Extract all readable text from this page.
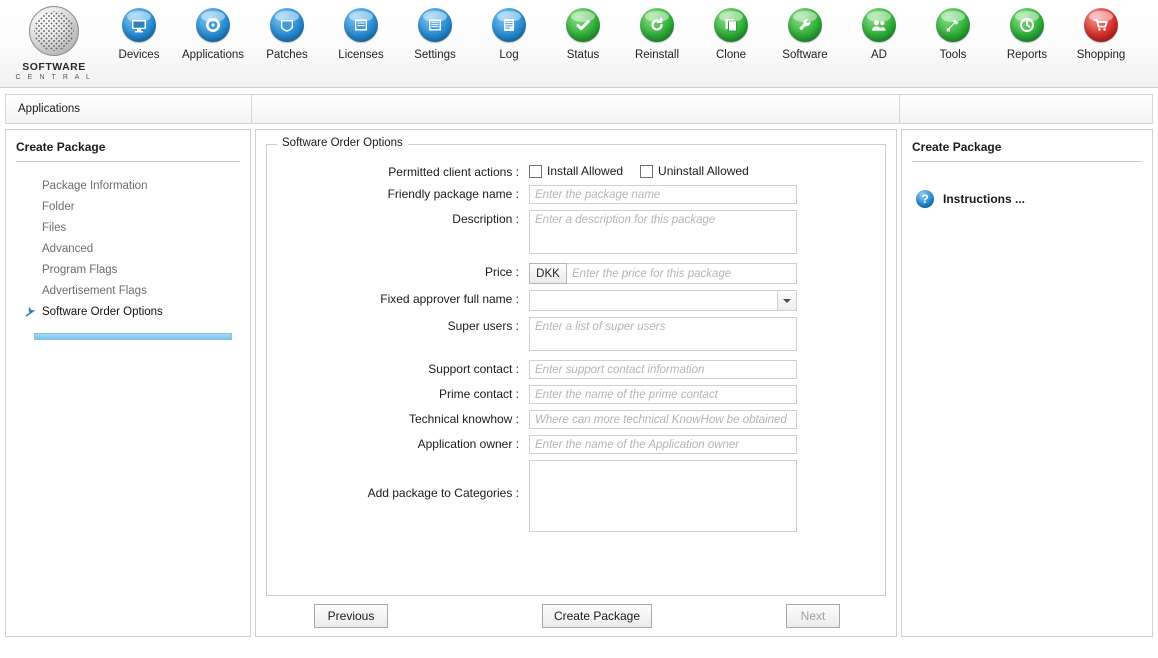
SOFTWARE
C E N T R A L
Devices Applications Patches	Licenses	Settings	Log	Status	Reinstall	Clone	Software	AD	Tools	Reports	Shopping
Applications
Create Package
Package Information
Folder
Files
Advanced
Program Flags
Advertisement Flags
Software Order Options
Software Order Options
Permitted client actions :	Install Allowed	Uninstall Allowed
Friendly package name :
Enter the package name
Description :
Enter a description for this package
Price :	DKK
Enter the price for this package
Fixed approver full name :
Super users :
Enter a list of super users
Support contact :
Enter support contact information
Prime contact :
Enter the name of the prime contact
Technical knowhow :
Where can more technical KnowHow be obtained
Application owner :
Enter the name of the Application owner
Add package to Categories :
Previous	Create Package	Next
Create Package
?	Instructions ...
